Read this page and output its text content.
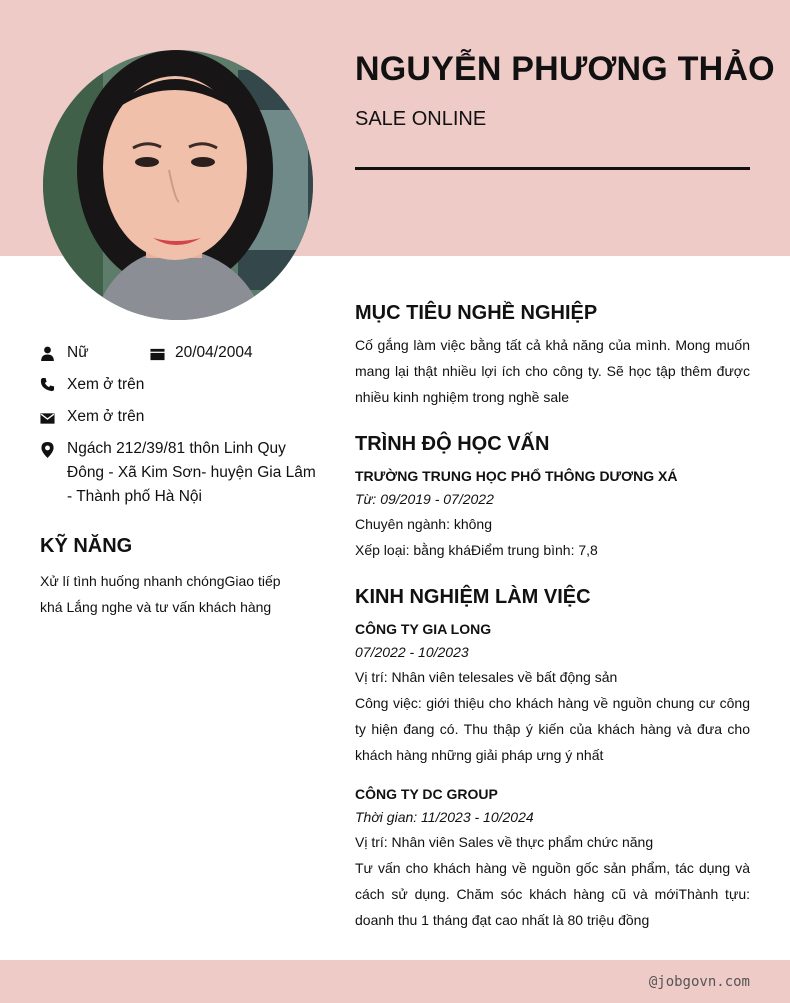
NGUYỄN PHƯƠNG THẢO
SALE ONLINE
Nữ	20/04/2004
Xem ở trên
Xem ở trên
Ngách 212/39/81 thôn Linh Quy Đông - Xã Kim Sơn- huyện Gia Lâm - Thành phố Hà Nội
KỸ NĂNG
Xử lí tình huống nhanh chóngGiao tiếp khá Lắng nghe và tư vấn khách hàng
MỤC TIÊU NGHỀ NGHIỆP
Cố gắng làm việc bằng tất cả khả năng của mình. Mong muốn mang lại thật nhiều lợi ích cho công ty. Sẽ học tập thêm được nhiều kinh nghiệm trong nghề sale
TRÌNH ĐỘ HỌC VẤN
TRƯỜNG TRUNG HỌC PHỔ THÔNG DƯƠNG XÁ
Từ: 09/2019 - 07/2022
Chuyên ngành: không
Xếp loại: bằng kháĐiểm trung bình: 7,8
KINH NGHIỆM LÀM VIỆC
CÔNG TY GIA LONG
07/2022 - 10/2023
Vị trí: Nhân viên telesales về bất động sản
Công việc: giới thiệu cho khách hàng về nguồn chung cư công ty hiện đang có. Thu thập ý kiến của khách hàng và đưa cho khách hàng những giải pháp ưng ý nhất
CÔNG TY DC GROUP
Thời gian: 11/2023 - 10/2024
Vị trí: Nhân viên Sales về thực phẩm chức năng
Tư vấn cho khách hàng về nguồn gốc sản phẩm, tác dụng và cách sử dụng. Chăm sóc khách hàng cũ và mớiThành tựu: doanh thu 1 tháng đạt cao nhất là 80 triệu đồng
@jobgovn.com
